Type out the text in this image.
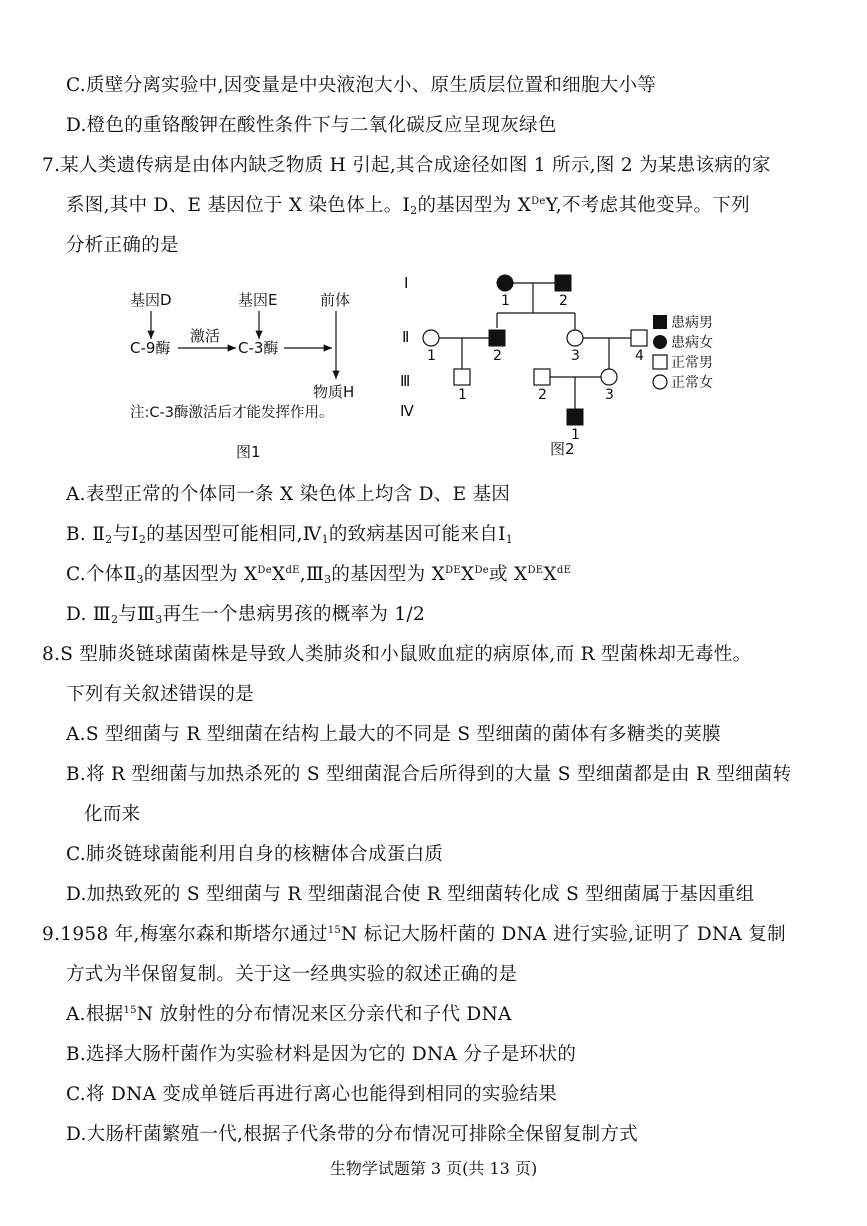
C.质壁分离实验中,因变量是中央液泡大小、原生质层位置和细胞大小等
D.橙色的重铬酸钾在酸性条件下与二氧化碳反应呈现灰绿色
7.某人类遗传病是由体内缺乏物质 H 引起,其合成途径如图 1 所示,图 2 为某患该病的家
系图,其中 D、E 基因位于 X 染色体上。$Ⅰ_2$的基因型为 XDeY,不考虑其他变异。下列
分析正确的是
基因D	基因E	前体
C-9酶
激活
C-3酶
物质H
注:C-3酶激活后才能发挥作用。
图1
Ⅰ
Ⅱ
Ⅲ
Ⅳ
1	2
1	2	3	4
1	2	3
1
图2
患病男
患病女
正常男
正常女
A.表型正常的个体同一条 X 染色体上均含 D、E 基因
B. $Ⅱ_2$与$Ⅰ_2$的基因型可能相同$,Ⅳ_1$的致病基因可能来自$Ⅰ_1$
C.个体$Ⅱ_3$的基因型为 $XDeXdE,Ⅲ_3$的基因型为 XDEXDe或 XDEXdE
D. $Ⅲ_2$与$Ⅲ_3$再生一个患病男孩的概率为 1/2
8.S 型肺炎链球菌菌株是导致人类肺炎和小鼠败血症的病原体,而 R 型菌株却无毒性。
下列有关叙述错误的是
A.S 型细菌与 R 型细菌在结构上最大的不同是 S 型细菌的菌体有多糖类的荚膜
B.将 R 型细菌与加热杀死的 S 型细菌混合后所得到的大量 S 型细菌都是由 R 型细菌转
化而来
C.肺炎链球菌能利用自身的核糖体合成蛋白质
D.加热致死的 S 型细菌与 R 型细菌混合使 R 型细菌转化成 S 型细菌属于基因重组
9.1958 年,梅塞尔森和斯塔尔通过$^{15}$N 标记大肠杆菌的 DNA 进行实验,证明了 DNA 复制
方式为半保留复制。关于这一经典实验的叙述正确的是
A.根据$^{15}$N 放射性的分布情况来区分亲代和子代 DNA
B.选择大肠杆菌作为实验材料是因为它的 DNA 分子是环状的
C.将 DNA 变成单链后再进行离心也能得到相同的实验结果
D.大肠杆菌繁殖一代,根据子代条带的分布情况可排除全保留复制方式
生物学试题第 3 页(共 13 页)
